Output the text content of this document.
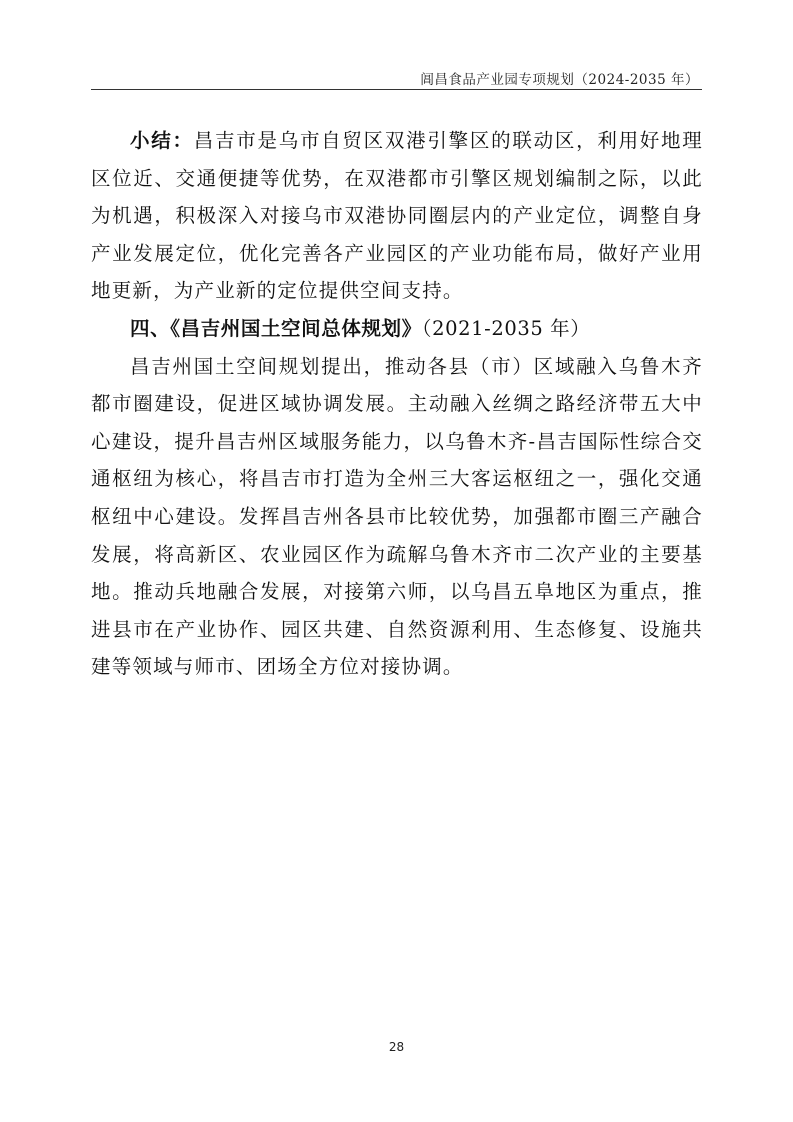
阊昌食品产业园专项规划（2024-2035 年）

小结：昌吉市是乌市自贸区双港引擎区的联动区，利用好地理区位近、交通便捷等优势，在双港都市引擎区规划编制之际，以此为机遇，积极深入对接乌市双港协同圈层内的产业定位，调整自身产业发展定位，优化完善各产业园区的产业功能布局，做好产业用地更新，为产业新的定位提供空间支持。

四、《昌吉州国土空间总体规划》（2021-2035 年）

昌吉州国土空间规划提出，推动各县（市）区域融入乌鲁木齐都市圈建设，促进区域协调发展。主动融入丝绸之路经济带五大中心建设，提升昌吉州区域服务能力，以乌鲁木齐-昌吉国际性综合交通枢纽为核心，将昌吉市打造为全州三大客运枢纽之一，强化交通枢纽中心建设。发挥昌吉州各县市比较优势，加强都市圈三产融合发展，将高新区、农业园区作为疏解乌鲁木齐市二次产业的主要基地。推动兵地融合发展，对接第六师，以乌昌五阜地区为重点，推进县市在产业协作、园区共建、自然资源利用、生态修复、设施共建等领域与师市、团场全方位对接协调。

28
